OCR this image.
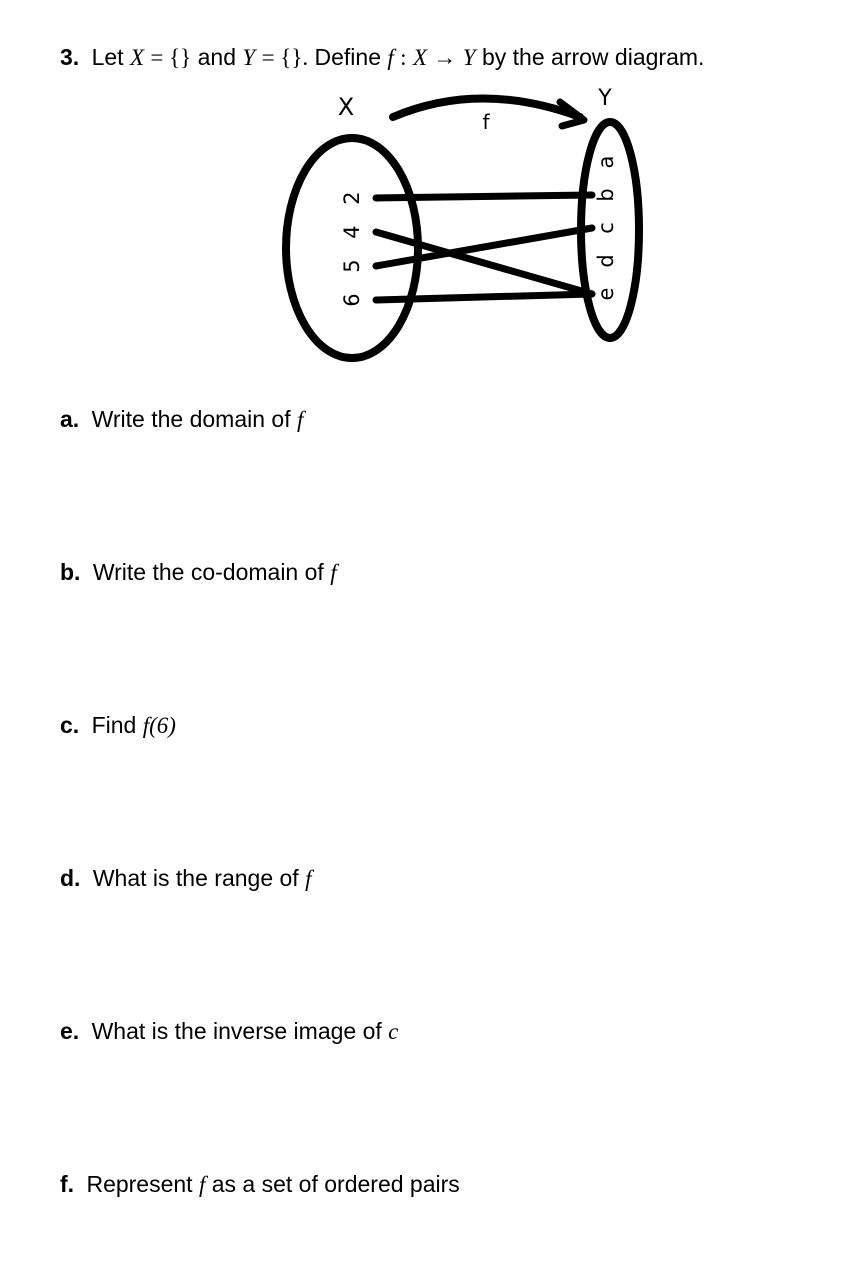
3. Let X = {} and Y = {}. Define f : X → Y by the arrow diagram.
X	Y
f
2
4
5
6
a
b
c
d
e
a. Write the domain of f
b. Write the co-domain of f
c. Find f(6)
d. What is the range of f
e. What is the inverse image of c
f. Represent f as a set of ordered pairs
